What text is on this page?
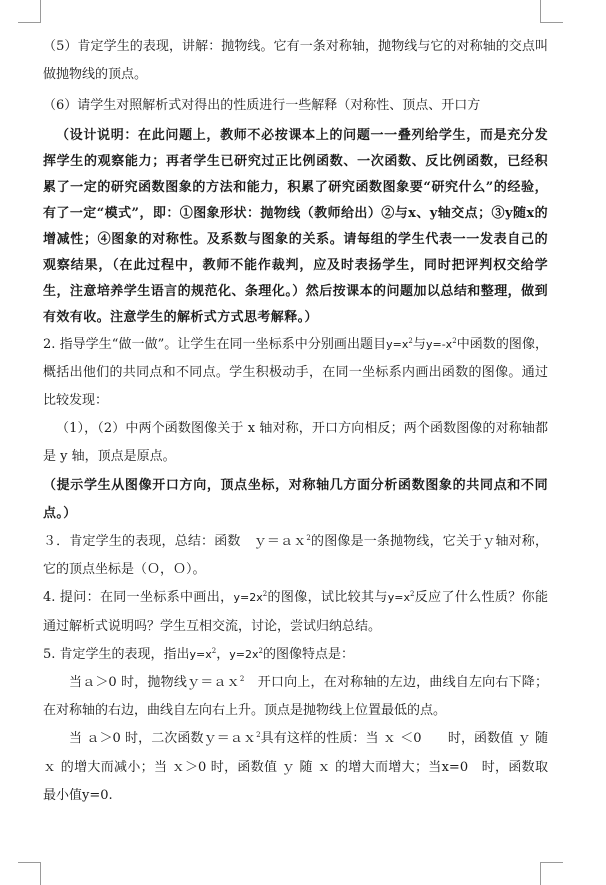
（5）肯定学生的表现，讲解：抛物线。它有一条对称轴，抛物线与它的对称轴的交点叫做抛物线的顶点。

（6）请学生对照解析式对得出的性质进行一些解释（对称性、顶点、开口方

（设计说明：在此问题上，教师不必按课本上的问题一一叠列给学生，而是充分发挥学生的观察能力；再者学生已研究过正比例函数、一次函数、反比例函数，已经积累了一定的研究函数图象的方法和能力，积累了研究函数图象要“研究什么”的经验，有了一定“模式”，即：①图象形状：抛物线（教师给出）②与x、y轴交点；③y随x的增减性；④图象的对称性。及系数与图象的关系。请每组的学生代表一一发表自己的观察结果，（在此过程中，教师不能作裁判，应及时表扬学生，同时把评判权交给学生，注意培养学生语言的规范化、条理化。）然后按课本的问题加以总结和整理，做到有效有收。注意学生的解析式方式思考解释。）

2. 指导学生“做一做”。让学生在同一坐标系中分别画出题目$y=x^2$与$y=-x^2$中函数的图像，概括出他们的共同点和不同点。学生积极动手，在同一坐标系内画出函数的图像。通过比较发现：

（1），（2）中两个函数图像关于 x 轴对称，开口方向相反；两个函数图像的对称轴都是 y 轴，顶点是原点。

（提示学生从图像开口方向，顶点坐标，对称轴几方面分析函数图象的共同点和不同点。）

３．肯定学生的表现，总结：函数　ｙ＝ａｘ$^2$的图像是一条抛物线，它关于ｙ轴对称，它的顶点坐标是（Ｏ，Ｏ）。

4. 提问：在同一坐标系中画出，$y=2x^2$的图像，试比较其与$y=x^2$反应了什么性质？你能通过解析式说明吗？学生互相交流，讨论，尝试归纳总结。

5. 肯定学生的表现，指出$y=x^2$，$y=2x^2$的图像特点是：

当ａ＞0 时，抛物线ｙ＝ａｘ$^2$　开口向上，在对称轴的左边，曲线自左向右下降；在对称轴的右边，曲线自左向右上升。顶点是抛物线上位置最低的点。

当 ａ＞0 时，二次函数ｙ＝ａｘ$^2$具有这样的性质：当 ｘ ＜0　　时，函数值 ｙ 随 ｘ 的增大而减小；当 ｘ＞0 时，函数值 ｙ 随 ｘ 的增大而增大；当x=0　时，函数取最小值y=0.
